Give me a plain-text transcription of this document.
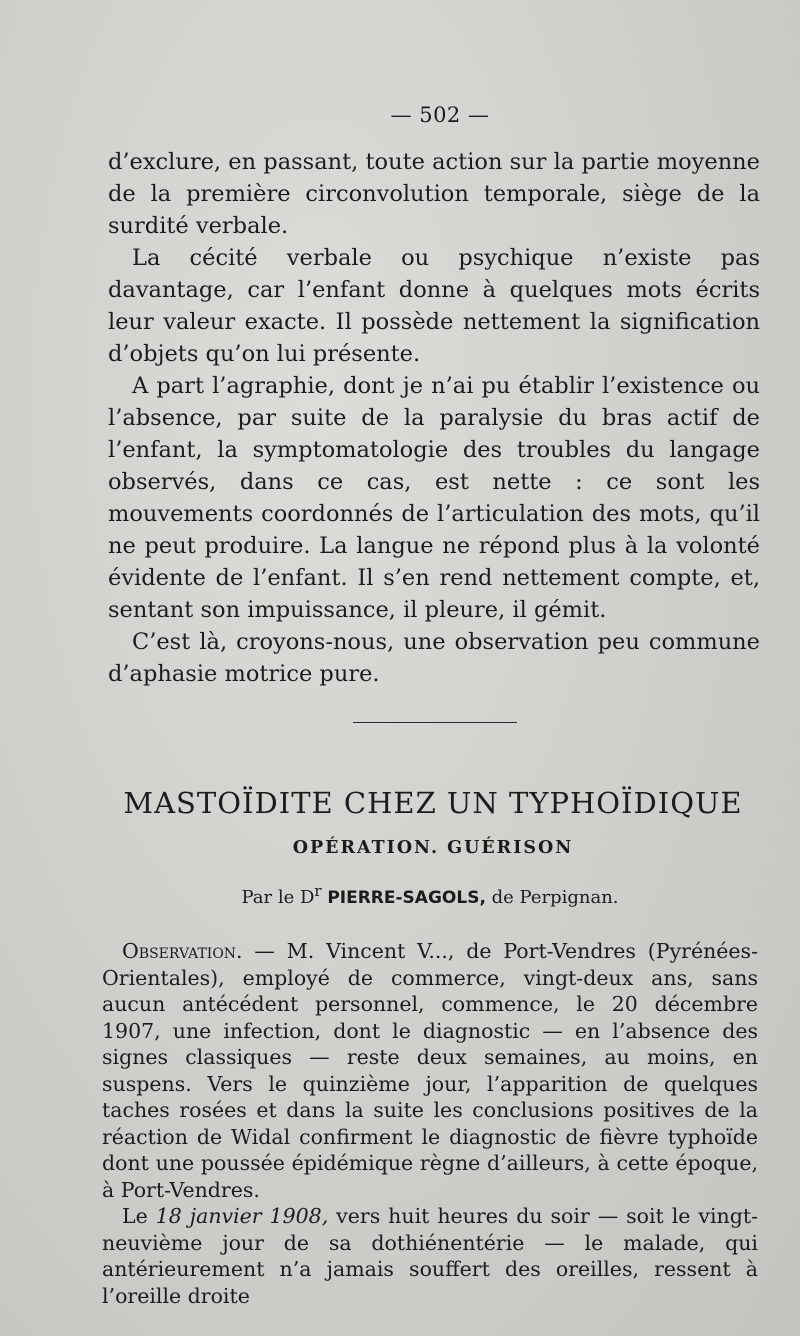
— 502 —

d’exclure, en passant, toute action sur la partie moyenne de la première circonvolution temporale, siège de la surdité verbale.

La cécité verbale ou psychique n’existe pas davantage, car l’enfant donne à quelques mots écrits leur valeur exacte. Il possède nettement la signification d’objets qu’on lui présente.

A part l’agraphie, dont je n’ai pu établir l’existence ou l’absence, par suite de la paralysie du bras actif de l’enfant, la symptomatologie des troubles du langage observés, dans ce cas, est nette : ce sont les mouvements coordonnés de l’articulation des mots, qu’il ne peut produire. La langue ne répond plus à la volonté évidente de l’enfant. Il s’en rend nettement compte, et, sentant son impuissance, il pleure, il gémit.

C’est là, croyons-nous, une observation peu commune d’aphasie motrice pure.

MASTOÏDITE CHEZ UN TYPHOÏDIQUE
OPÉRATION. GUÉRISON
Par le $D^r$ PIERRE-SAGOLS, de Perpignan.

Observation. — M. Vincent V..., de Port-Vendres (Pyrénées-Orientales), employé de commerce, vingt-deux ans, sans aucun antécédent personnel, commence, le 20 décembre 1907, une infection, dont le diagnostic — en l’absence des signes classiques — reste deux semaines, au moins, en suspens. Vers le quinzième jour, l’apparition de quelques taches rosées et dans la suite les conclusions positives de la réaction de Widal confirment le diagnostic de fièvre typhoïde dont une poussée épidémique règne d’ailleurs, à cette époque, à Port-Vendres.

Le 18 janvier 1908, vers huit heures du soir — soit le vingt-neuvième jour de sa dothiénentérie — le malade, qui antérieurement n’a jamais souffert des oreilles, ressent à l’oreille droite
